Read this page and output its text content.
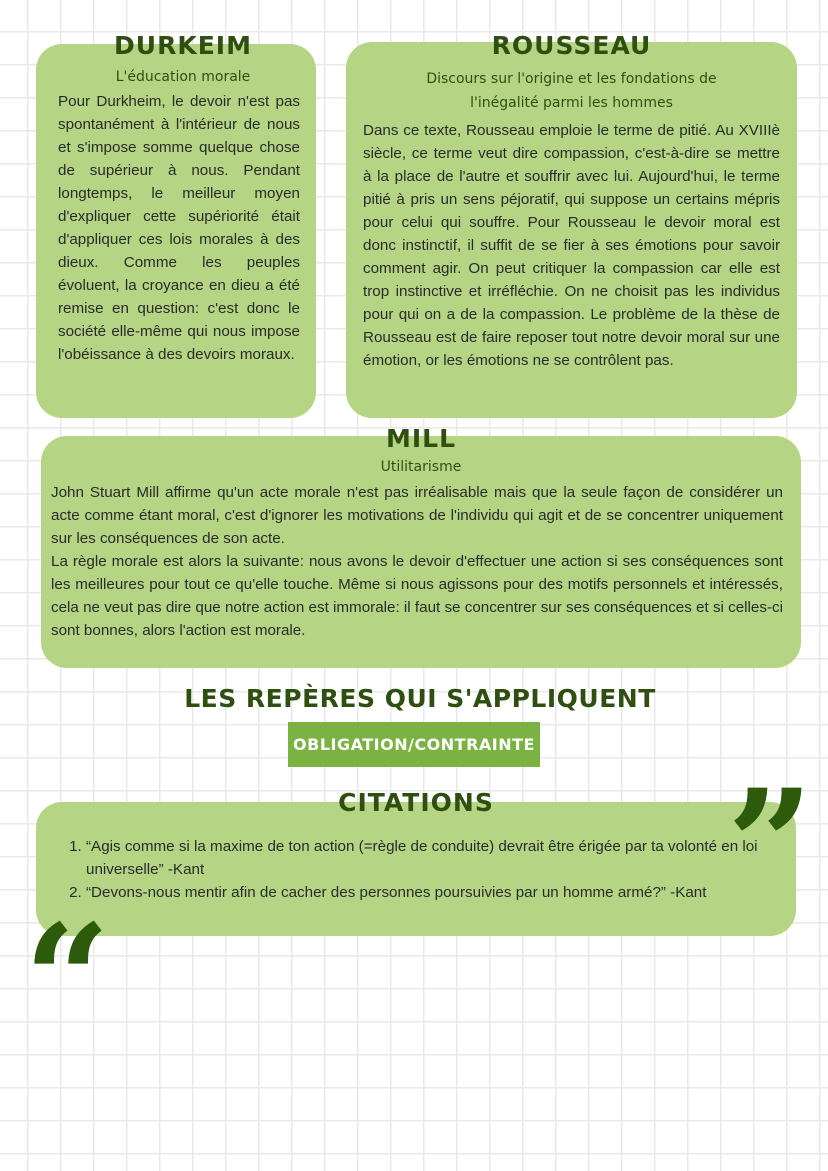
DURKEIM

L'éducation morale

Pour Durkheim, le devoir n'est pas spontanément à l'intérieur de nous et s'impose somme quelque chose de supérieur à nous. Pendant longtemps, le meilleur moyen d'expliquer cette supériorité était d'appliquer ces lois morales à des dieux. Comme les peuples évoluent, la croyance en dieu a été remise en question: c'est donc le société elle-même qui nous impose l'obéissance à des devoirs moraux.

ROUSSEAU

Discours sur l'origine et les fondations de

l'inégalité parmi les hommes

Dans ce texte, Rousseau emploie le terme de pitié. Au XVIIIè siècle, ce terme veut dire compassion, c'est-à-dire se mettre à la place de l'autre et souffrir avec lui. Aujourd'hui, le terme pitié à pris un sens péjoratif, qui suppose un certains mépris pour celui qui souffre. Pour Rousseau le devoir moral est donc instinctif, il suffit de se fier à ses émotions pour savoir comment agir. On peut critiquer la compassion car elle est trop instinctive et irréfléchie. On ne choisit pas les individus pour qui on a de la compassion. Le problème de la thèse de Rousseau est de faire reposer tout notre devoir moral sur une émotion, or les émotions ne se contrôlent pas.

MILL

Utilitarisme

John Stuart Mill affirme qu'un acte morale n'est pas irréalisable mais que la seule façon de considérer un acte comme étant moral, c'est d'ignorer les motivations de l'individu qui agit et de se concentrer uniquement sur les conséquences de son acte.

La règle morale est alors la suivante: nous avons le devoir d'effectuer une action si ses conséquences sont les meilleures pour tout ce qu'elle touche. Même si nous agissons pour des motifs personnels et intéressés, cela ne veut pas dire que notre action est immorale: il faut se concentrer sur ses conséquences et si celles-ci sont bonnes, alors l'action est morale.

LES REPÈRES QUI S'APPLIQUENT
OBLIGATION/CONTRAINTE
CITATIONS	”
1. “Agis comme si la maxime de ton action (=règle de conduite) devrait être érigée par ta volonté en loi universelle” -Kant
2. “Devons-nous mentir afin de cacher des personnes poursuivies par un homme armé?” -Kant
“
